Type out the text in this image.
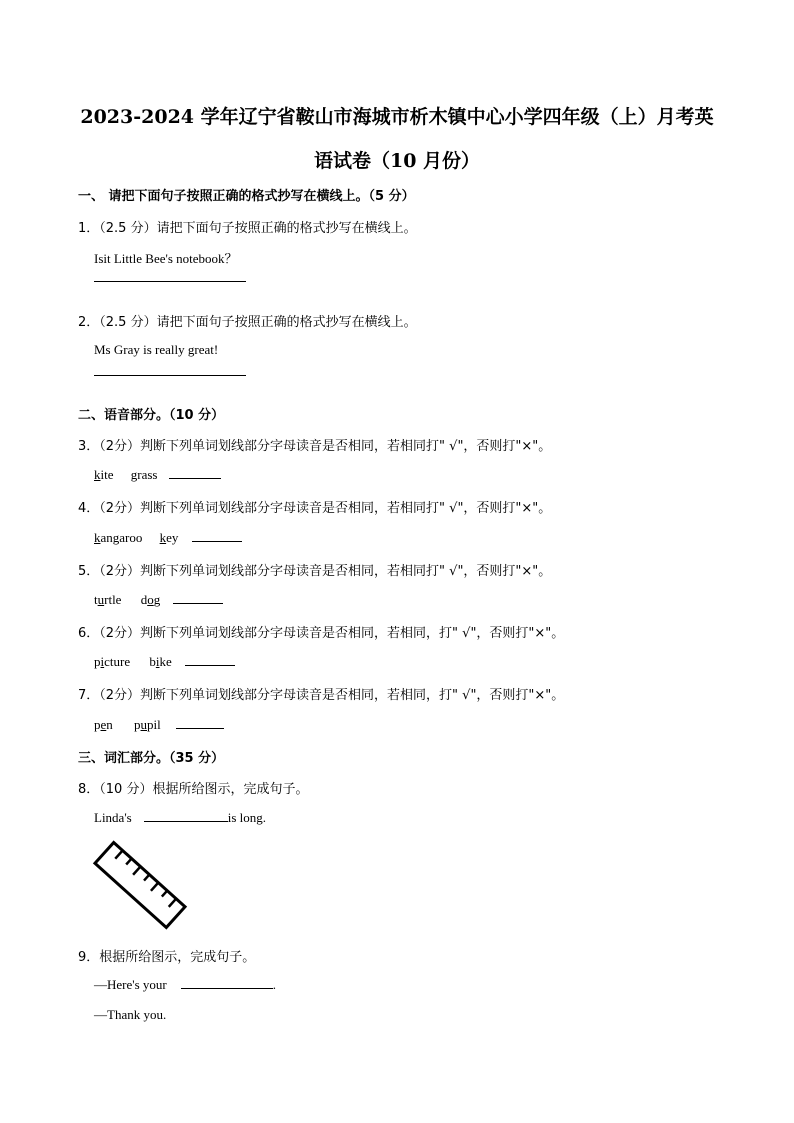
2023-2024 学年辽宁省鞍山市海城市析木镇中心小学四年级（上）月考英
语试卷（10 月份）
一、 请把下面句子按照正确的格式抄写在横线上。（5 分）
1．（2.5 分）请把下面句子按照正确的格式抄写在横线上。
Isit Little Bee's notebook？
2．（2.5 分）请把下面句子按照正确的格式抄写在横线上。
Ms Gray is really great!
二、语音部分。（10 分）
3．（2分）判断下列单词划线部分字母读音是否相同，若相同打" √"，否则打"×"。
kite grass
4．（2分）判断下列单词划线部分字母读音是否相同，若相同打" √"，否则打"×"。
kangaroo key
5．（2分）判断下列单词划线部分字母读音是否相同，若相同打" √"，否则打"×"。
turtle dog
6．（2分）判断下列单词划线部分字母读音是否相同，若相同，打" √"，否则打"×"。
picture bike
7．（2分）判断下列单词划线部分字母读音是否相同，若相同，打" √"，否则打"×"。
pen pupil
三、词汇部分。（35 分）
8．（10 分）根据所给图示，完成句子。
Linda's	is long.
9．根据所给图示，完成句子。
—Here's your	.
—Thank you.
